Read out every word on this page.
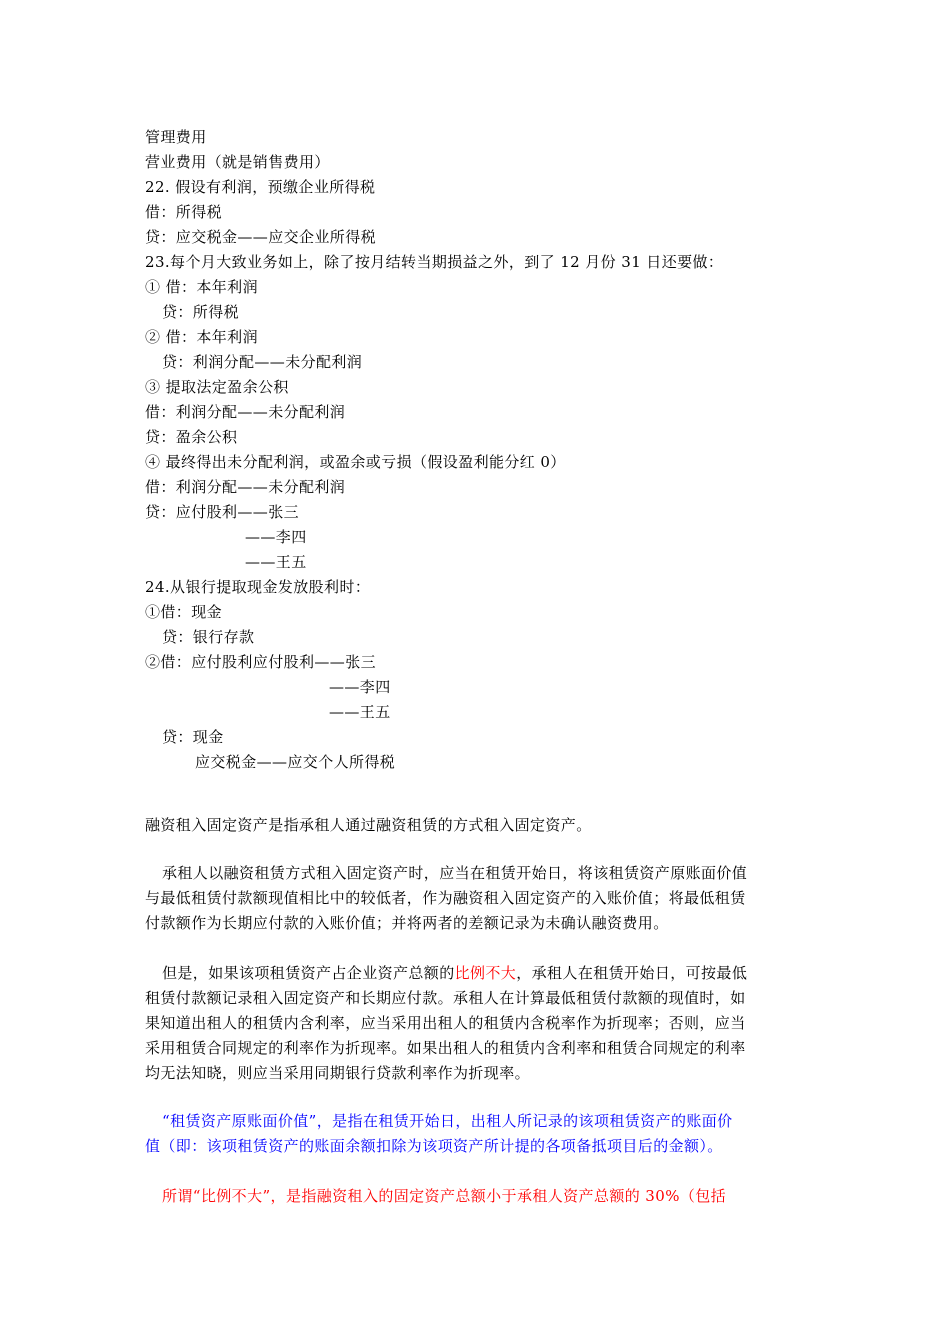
管理费用
营业费用（就是销售费用）
22. 假设有利润，预缴企业所得税
借：所得税
贷：应交税金——应交企业所得税
23.每个月大致业务如上，除了按月结转当期损益之外，到了 12 月份 31 日还要做：
① 借：本年利润
贷：所得税
② 借：本年利润
贷：利润分配——未分配利润
③ 提取法定盈余公积
借：利润分配——未分配利润
贷：盈余公积
④ 最终得出未分配利润，或盈余或亏损（假设盈利能分红 0）
借：利润分配——未分配利润
贷：应付股利——张三
——李四
——王五
24.从银行提取现金发放股利时：
①借：现金
贷：银行存款
②借：应付股利应付股利——张三
——李四
——王五
贷：现金
应交税金——应交个人所得税
融资租入固定资产是指承租人通过融资租赁的方式租入固定资产。
承租人以融资租赁方式租入固定资产时，应当在租赁开始日，将该租赁资产原账面价值
与最低租赁付款额现值相比中的较低者，作为融资租入固定资产的入账价值；将最低租赁
付款额作为长期应付款的入账价值；并将两者的差额记录为未确认融资费用。
但是，如果该项租赁资产占企业资产总额的比例不大，承租人在租赁开始日，可按最低
租赁付款额记录租入固定资产和长期应付款。承租人在计算最低租赁付款额的现值时，如
果知道出租人的租赁内含利率，应当采用出租人的租赁内含税率作为折现率；否则，应当
采用租赁合同规定的利率作为折现率。如果出租人的租赁内含利率和租赁合同规定的利率
均无法知晓，则应当采用同期银行贷款利率作为折现率。
“租赁资产原账面价值”，是指在租赁开始日，出租人所记录的该项租赁资产的账面价
值（即：该项租赁资产的账面余额扣除为该项资产所计提的各项备抵项目后的金额）。
所谓“比例不大”，是指融资租入的固定资产总额小于承租人资产总额的 30%（包括
